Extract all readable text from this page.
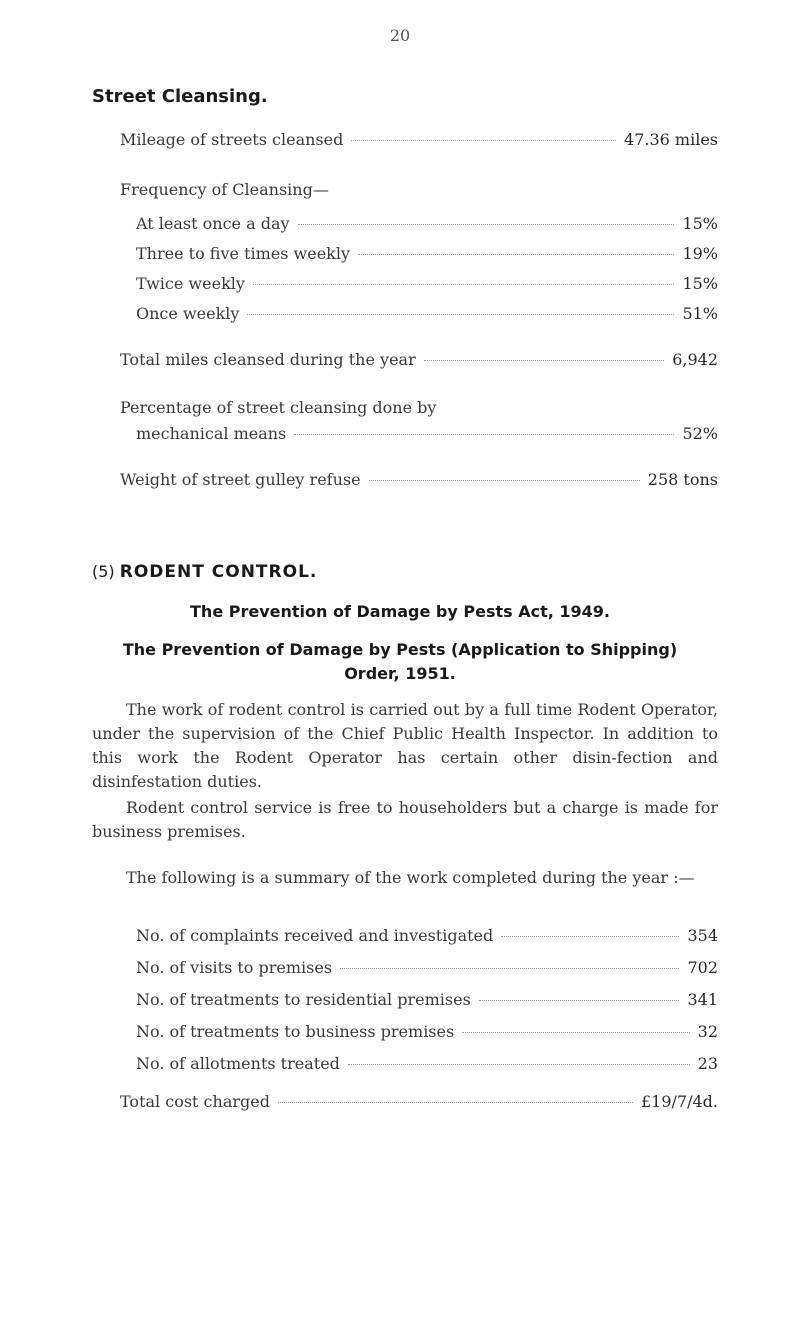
20
Street Cleansing.
Mileage of streets cleansed	47.36 miles
Frequency of Cleansing—
At least once a day	15%
Three to five times weekly	19%
Twice weekly	15%
Once weekly	51%
Total miles cleansed during the year	6,942
Percentage of street cleansing done by
mechanical means	52%
Weight of street gulley refuse	258 tons
(5) RODENT CONTROL.
The Prevention of Damage by Pests Act, 1949.
The Prevention of Damage by Pests (Application to Shipping)
Order, 1951.
The work of rodent control is carried out by a full time Rodent Operator, under the supervision of the Chief Public Health Inspector. In addition to this work the Rodent Operator has certain other disin-fection and disinfestation duties.
Rodent control service is free to householders but a charge is made for business premises.
The following is a summary of the work completed during the year :—
No. of complaints received and investigated	354
No. of visits to premises	702
No. of treatments to residential premises	341
No. of treatments to business premises	32
No. of allotments treated	23
Total cost charged	£19/7/4d.
